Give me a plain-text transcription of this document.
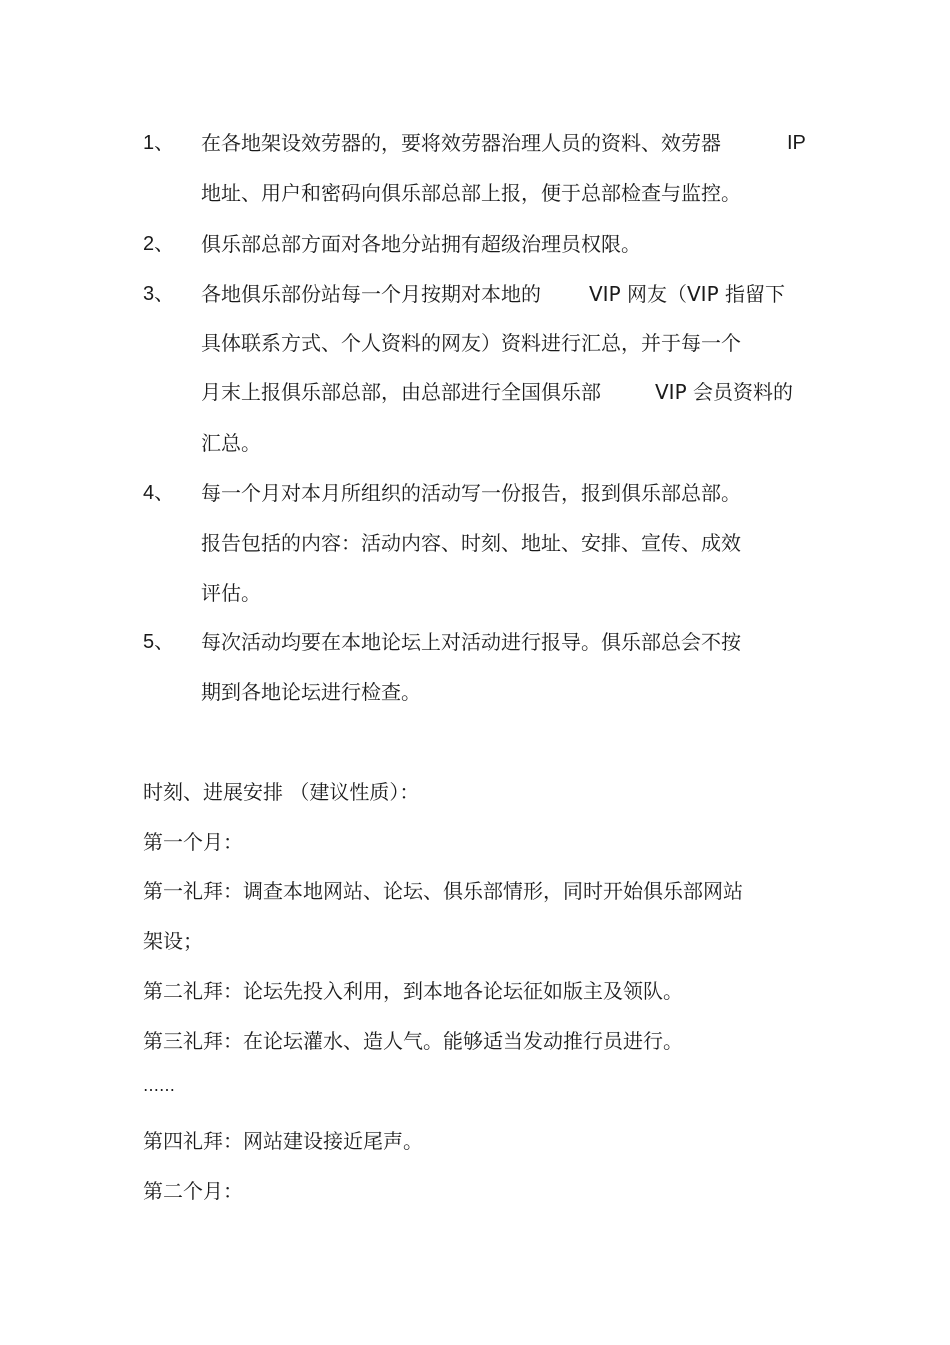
1、 在各地架设效劳器的，要将效劳器治理人员的资料、效劳器	IP
地址、用户和密码向俱乐部总部上报，便于总部检查与监控。
2、 俱乐部总部方面对各地分站拥有超级治理员权限。
3、 各地俱乐部份站每一个月按期对本地的 VIP 网友（VIP 指留下
具体联系方式、个人资料的网友）资料进行汇总，并于每一个
月末上报俱乐部总部，由总部进行全国俱乐部	VIP 会员资料的
汇总。
4、 每一个月对本月所组织的活动写一份报告，报到俱乐部总部。
报告包括的内容：活动内容、时刻、地址、安排、宣传、成效
评估。
5、 每次活动均要在本地论坛上对活动进行报导。俱乐部总会不按
期到各地论坛进行检查。
时刻、进展安排 （建议性质）：
第一个月：
第一礼拜：调查本地网站、论坛、俱乐部情形，同时开始俱乐部网站
架设；
第二礼拜：论坛先投入利用，到本地各论坛征如版主及领队。
第三礼拜：在论坛灌水、造人气。能够适当发动推行员进行。
……
第四礼拜：网站建设接近尾声。
第二个月：
